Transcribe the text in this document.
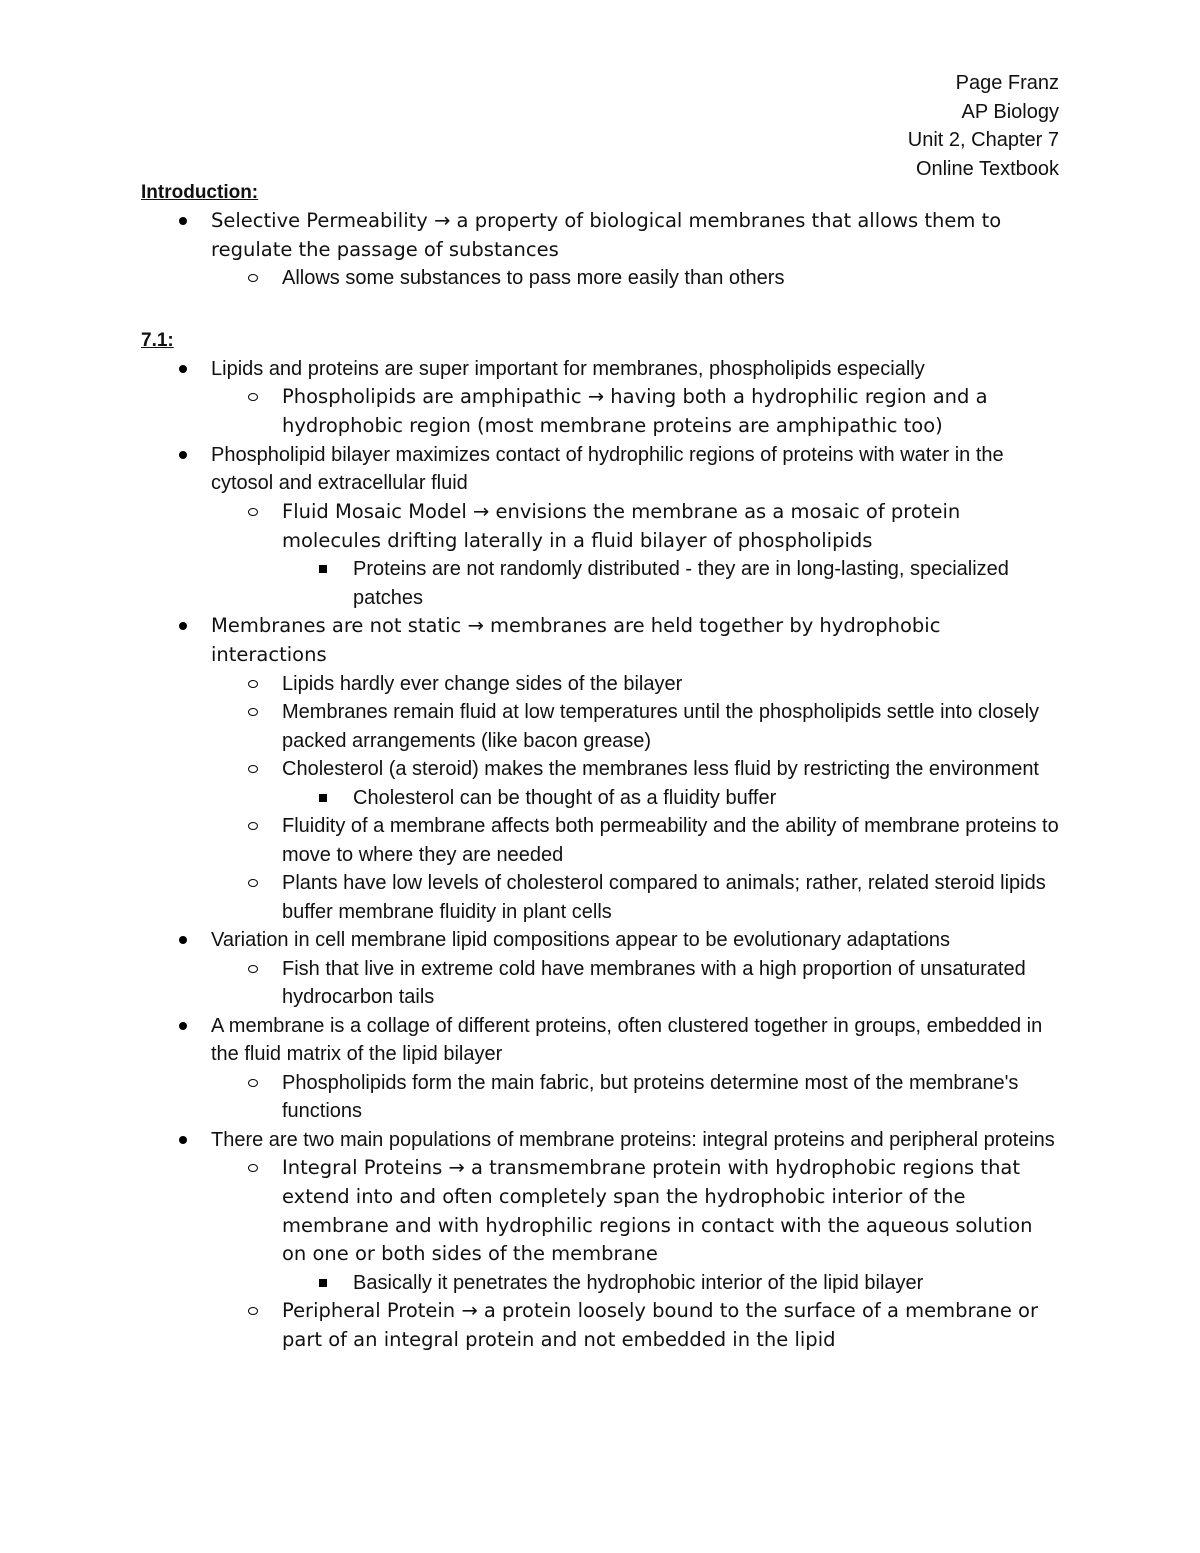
Page Franz
AP Biology
Unit 2, Chapter 7
Online Textbook
Introduction:
Selective Permeability → a property of biological membranes that allows them to regulate the passage of substances
Allows some substances to pass more easily than others
7.1:
Lipids and proteins are super important for membranes, phospholipids especially
Phospholipids are amphipathic → having both a hydrophilic region and a hydrophobic region (most membrane proteins are amphipathic too)
Phospholipid bilayer maximizes contact of hydrophilic regions of proteins with water in the cytosol and extracellular fluid
Fluid Mosaic Model → envisions the membrane as a mosaic of protein molecules drifting laterally in a fluid bilayer of phospholipids
Proteins are not randomly distributed - they are in long-lasting, specialized patches
Membranes are not static → membranes are held together by hydrophobic interactions
Lipids hardly ever change sides of the bilayer
Membranes remain fluid at low temperatures until the phospholipids settle into closely packed arrangements (like bacon grease)
Cholesterol (a steroid) makes the membranes less fluid by restricting the environment
Cholesterol can be thought of as a fluidity buffer
Fluidity of a membrane affects both permeability and the ability of membrane proteins to move to where they are needed
Plants have low levels of cholesterol compared to animals; rather, related steroid lipids buffer membrane fluidity in plant cells
Variation in cell membrane lipid compositions appear to be evolutionary adaptations
Fish that live in extreme cold have membranes with a high proportion of unsaturated hydrocarbon tails
A membrane is a collage of different proteins, often clustered together in groups, embedded in the fluid matrix of the lipid bilayer
Phospholipids form the main fabric, but proteins determine most of the membrane's functions
There are two main populations of membrane proteins: integral proteins and peripheral proteins
Integral Proteins → a transmembrane protein with hydrophobic regions that extend into and often completely span the hydrophobic interior of the membrane and with hydrophilic regions in contact with the aqueous solution on one or both sides of the membrane
Basically it penetrates the hydrophobic interior of the lipid bilayer
Peripheral Protein → a protein loosely bound to the surface of a membrane or part of an integral protein and not embedded in the lipid
